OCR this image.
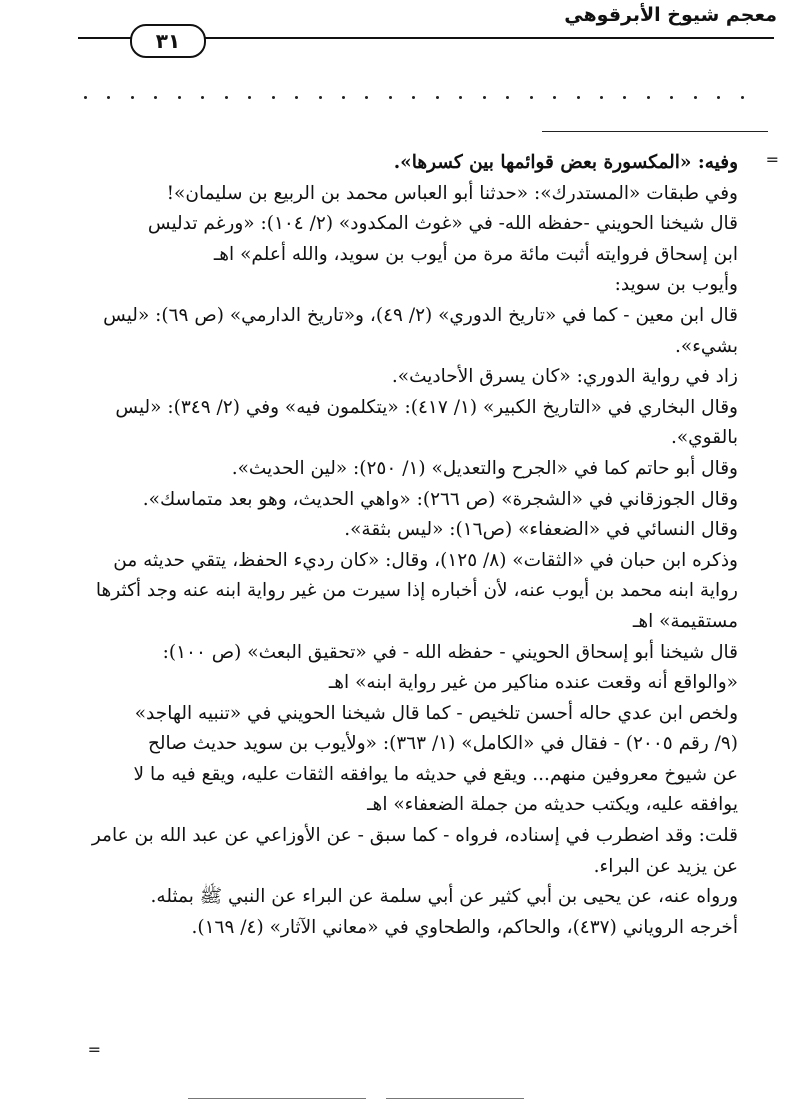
معجم شيوخ الأبرقوهي
٣١
=
=
وفيه: «المكسورة بعض قوائمها بين كسرها».
وفي طبقات «المستدرك»: «حدثنا أبو العباس محمد بن الربيع بن سليمان»!
قال شيخنا الحويني -حفظه الله- في «غوث المكدود» (٢/ ١٠٤): «ورغم تدليس
ابن إسحاق فروايته أثبت مائة مرة من أيوب بن سويد، والله أعلم» اهـ
وأيوب بن سويد:
قال ابن معين - كما في «تاريخ الدوري» (٢/ ٤٩)، و«تاريخ الدارمي» (ص ٦٩): «ليس
بشيء».
زاد في رواية الدوري: «كان يسرق الأحاديث».
وقال البخاري في «التاريخ الكبير» (١/ ٤١٧): «يتكلمون فيه» وفي (٢/ ٣٤٩): «ليس
بالقوي».
وقال أبو حاتم كما في «الجرح والتعديل» (١/ ٢٥٠): «لين الحديث».
وقال الجوزقاني في «الشجرة» (ص ٢٦٦): «واهي الحديث، وهو بعد متماسك».
وقال النسائي في «الضعفاء» (ص١٦): «ليس بثقة».
وذكره ابن حبان في «الثقات» (٨/ ١٢٥)، وقال: «كان رديء الحفظ، يتقي حديثه من
رواية ابنه محمد بن أيوب عنه، لأن أخباره إذا سيرت من غير رواية ابنه عنه وجد أكثرها
مستقيمة» اهـ
قال شيخنا أبو إسحاق الحويني - حفظه الله - في «تحقيق البعث» (ص ١٠٠):
«والواقع أنه وقعت عنده مناكير من غير رواية ابنه» اهـ
ولخص ابن عدي حاله أحسن تلخيص - كما قال شيخنا الحويني في «تنبيه الهاجد»
(٩/ رقم ٢٠٠٥) - فقال في «الكامل» (١/ ٣٦٣): «ولأيوب بن سويد حديث صالح
عن شيوخ معروفين منهم... ويقع في حديثه ما يوافقه الثقات عليه، ويقع فيه ما لا
يوافقه عليه، ويكتب حديثه من جملة الضعفاء» اهـ
قلت: وقد اضطرب في إسناده، فرواه - كما سبق - عن الأوزاعي عن عبد الله بن عامر
عن يزيد عن البراء.
ورواه عنه، عن يحيى بن أبي كثير عن أبي سلمة عن البراء عن النبي ﷺ بمثله.
أخرجه الروياني (٤٣٧)، والحاكم، والطحاوي في «معاني الآثار» (٤/ ١٦٩).
